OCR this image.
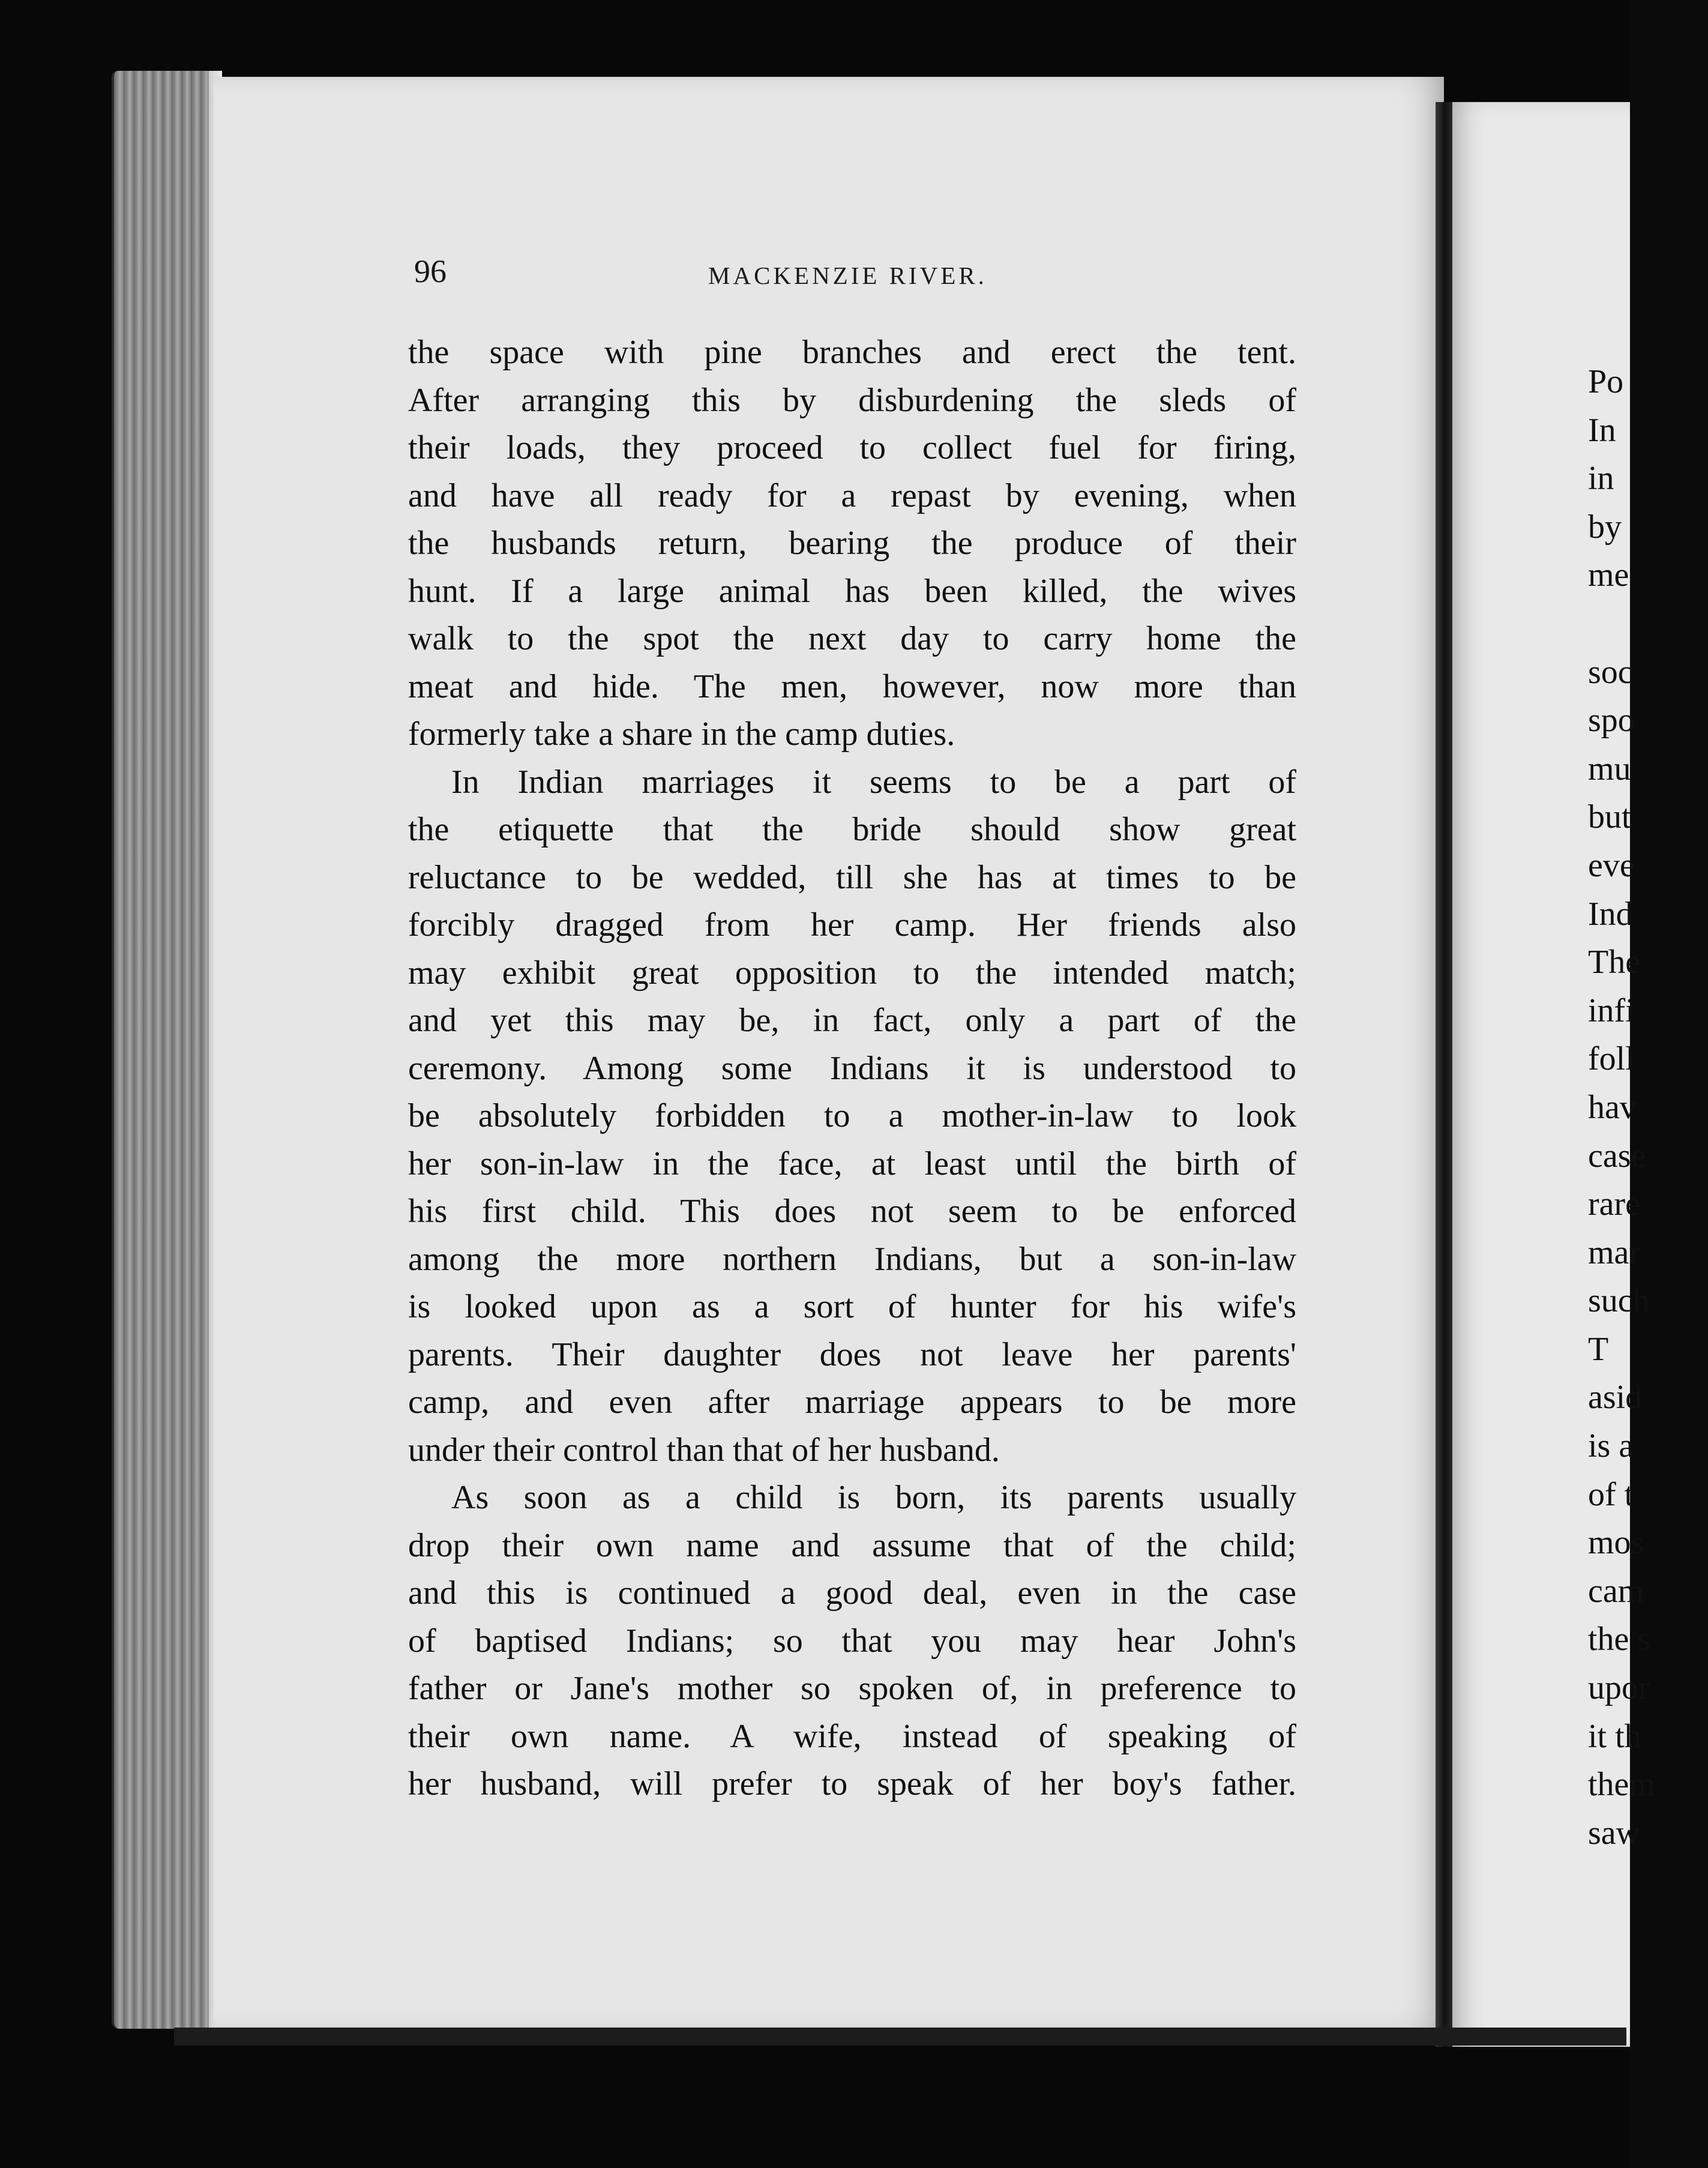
96	MACKENZIE RIVER.
the space with pine branches and erect the tent.
After arranging this by disburdening the sleds of
their loads, they proceed to collect fuel for firing,
and have all ready for a repast by evening, when
the husbands return, bearing the produce of their
hunt. If a large animal has been killed, the wives
walk to the spot the next day to carry home the
meat and hide. The men, however, now more than
formerly take a share in the camp duties.
In Indian marriages it seems to be a part of
the etiquette that the bride should show great
reluctance to be wedded, till she has at times to be
forcibly dragged from her camp. Her friends also
may exhibit great opposition to the intended match;
and yet this may be, in fact, only a part of the
ceremony. Among some Indians it is understood to
be absolutely forbidden to a mother-in-law to look
her son-in-law in the face, at least until the birth of
his first child. This does not seem to be enforced
among the more northern Indians, but a son-in-law
is looked upon as a sort of hunter for his wife's
parents. Their daughter does not leave her parents'
camp, and even after marriage appears to be more
under their control than that of her husband.
As soon as a child is born, its parents usually
drop their own name and assume that of the child;
and this is continued a good deal, even in the case
of baptised Indians; so that you may hear John's
father or Jane's mother so spoken of, in preference to
their own name. A wife, instead of speaking of
her husband, will prefer to speak of her boy's father.
Po
In
in
by
me
soc
spo
mu
but
eve
Ind
The
infi
foll
hav
case
rare
mar
such
T
asid
is a
of t
mos
cam
the s
upor
it th
them
saw
